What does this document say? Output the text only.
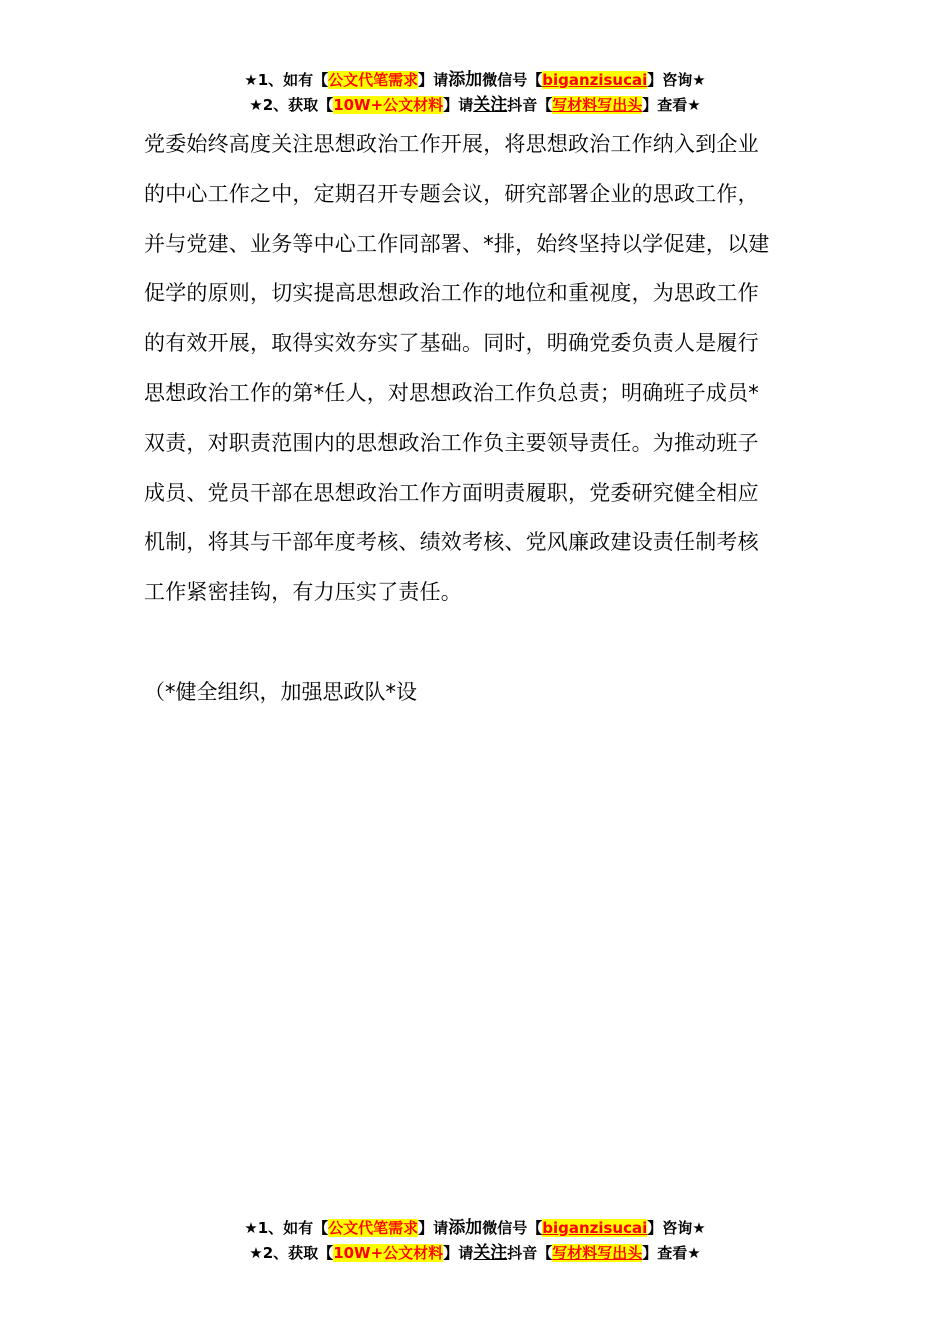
★1、如有【公文代笔需求】请添加微信号【biganzisucai】咨询★
★2、获取【10W+公文材料】请关注抖音【写材料写出头】查看★
党委始终高度关注思想政治工作开展，将思想政治工作纳入到企业
的中心工作之中，定期召开专题会议，研究部署企业的思政工作，
并与党建、业务等中心工作同部署、*排，始终坚持以学促建，以建
促学的原则，切实提高思想政治工作的地位和重视度，为思政工作
的有效开展，取得实效夯实了基础。同时，明确党委负责人是履行
思想政治工作的第*任人，对思想政治工作负总责；明确班子成员*
双责，对职责范围内的思想政治工作负主要领导责任。为推动班子
成员、党员干部在思想政治工作方面明责履职，党委研究健全相应
机制，将其与干部年度考核、绩效考核、党风廉政建设责任制考核
工作紧密挂钩，有力压实了责任。
（*健全组织，加强思政队*设
★1、如有【公文代笔需求】请添加微信号【biganzisucai】咨询★
★2、获取【10W+公文材料】请关注抖音【写材料写出头】查看★
